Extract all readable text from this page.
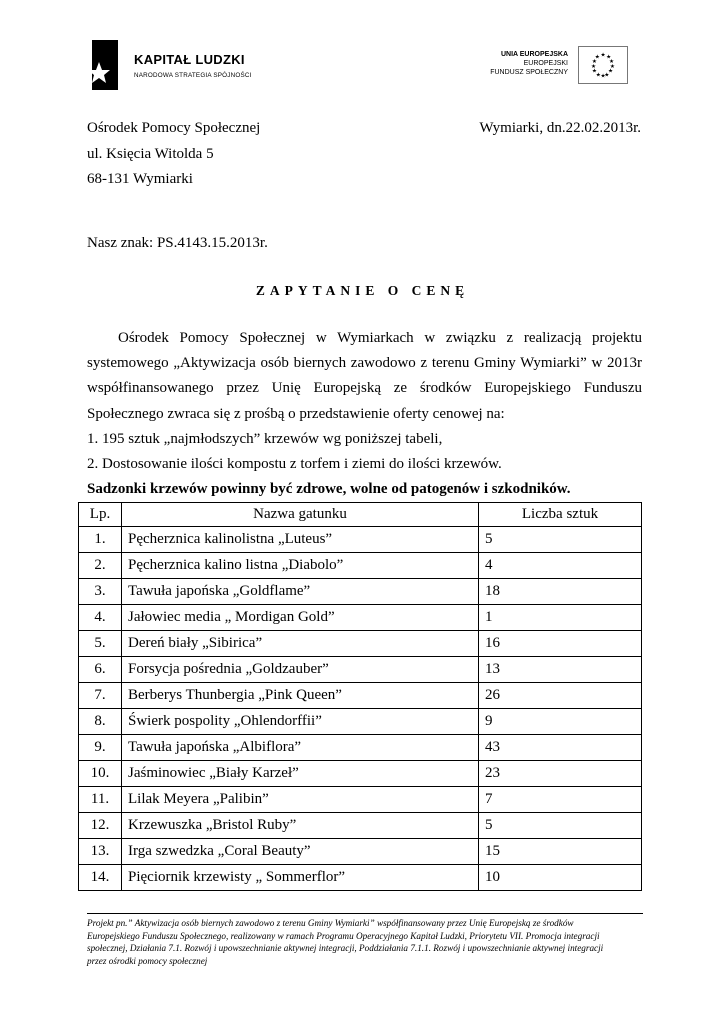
KAPITAŁ LUDZKI
NARODOWA STRATEGIA SPÓJNOŚCI
UNIA EUROPEJSKA
EUROPEJSKI
FUNDUSZ SPOŁECZNY
★ ★
★
★
★
★
★
★
★
★
★
★
Ośrodek Pomocy Społecznej	Wymiarki, dn.22.02.2013r.
ul. Księcia Witolda 5
68-131 Wymiarki
Nasz znak: PS.4143.15.2013r.
ZAPYTANIE O CENĘ
Ośrodek Pomocy Społecznej w Wymiarkach w związku z realizacją projektu
systemowego „Aktywizacja osób biernych zawodowo z terenu Gminy Wymiarki” w 2013r
współfinansowanego przez Unię Europejską ze środków Europejskiego Funduszu
Społecznego zwraca się z prośbą o przedstawienie oferty cenowej na:
1. 195 sztuk „najmłodszych” krzewów wg poniższej tabeli,
2. Dostosowanie ilości kompostu z torfem i ziemi do ilości krzewów.
Sadzonki krzewów powinny być zdrowe, wolne od patogenów i szkodników.
Lp.	Nazwa gatunku	Liczba sztuk
1.	Pęcherznica kalinolistna „Luteus”	5
2.	Pęcherznica kalino listna „Diabolo”	4
3.	Tawuła japońska „Goldflame”	18
4.	Jałowiec media „ Mordigan Gold”	1
5.	Dereń biały „Sibirica”	16
6.	Forsycja pośrednia „Goldzauber”	13
7.	Berberys Thunbergia „Pink Queen”	26
8.	Świerk pospolity „Ohlendorffii”	9
9.	Tawuła japońska „Albiflora”	43
10.	Jaśminowiec „Biały Karzeł”	23
11.	Lilak Meyera „Palibin”	7
12.	Krzewuszka „Bristol Ruby”	5
13.	Irga szwedzka „Coral Beauty”	15
14.	Pięciornik krzewisty „ Sommerflor”	10
Projekt pn.” Aktywizacja osób biernych zawodowo z terenu Gminy Wymiarki” współfinansowany przez Unię Europejską ze środków
Europejskiego Funduszu Społecznego, realizowany w ramach Programu Operacyjnego Kapitał Ludzki, Priorytetu VII. Promocja integracji
społecznej, Działania 7.1. Rozwój i upowszechnianie aktywnej integracji, Poddziałania 7.1.1. Rozwój i upowszechnianie aktywnej integracji
przez ośrodki pomocy społecznej
